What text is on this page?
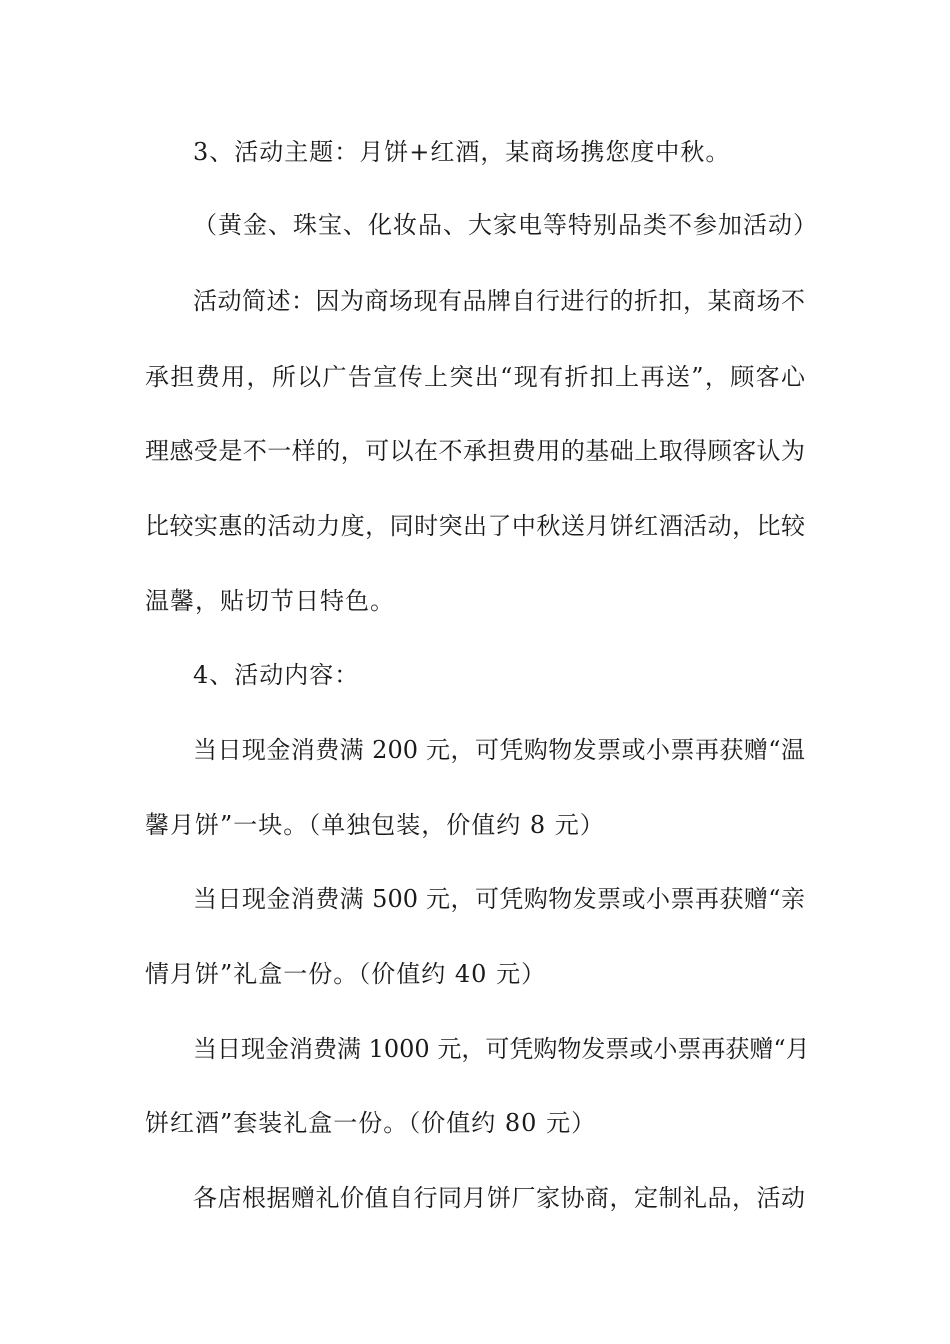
3、活动主题：月饼+红酒，某商场携您度中秋。
（黄金、珠宝、化妆品、大家电等特别品类不参加活动）
活动简述：因为商场现有品牌自行进行的折扣，某商场不
承担费用，所以广告宣传上突出“现有折扣上再送”，顾客心
理感受是不一样的，可以在不承担费用的基础上取得顾客认为
比较实惠的活动力度，同时突出了中秋送月饼红酒活动，比较
温馨，贴切节日特色。
4、活动内容：
当日现金消费满 200 元，可凭购物发票或小票再获赠“温
馨月饼”一块。（单独包装，价值约 8 元）
当日现金消费满 500 元，可凭购物发票或小票再获赠“亲
情月饼”礼盒一份。（价值约 40 元）
当日现金消费满 1000 元，可凭购物发票或小票再获赠“月
饼红酒”套装礼盒一份。（价值约 80 元）
各店根据赠礼价值自行同月饼厂家协商，定制礼品，活动
